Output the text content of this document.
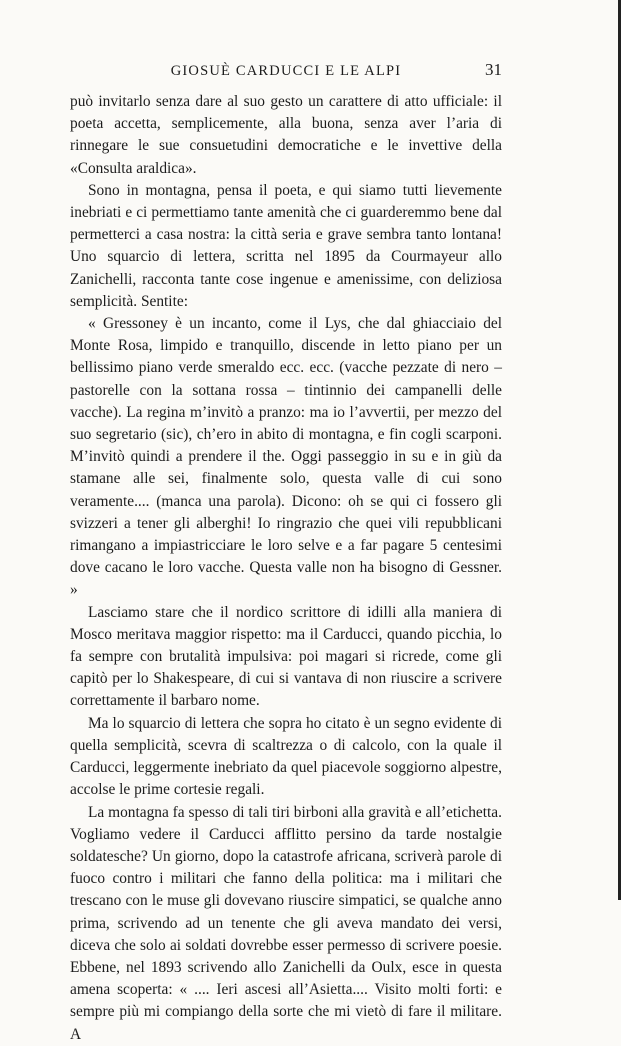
GIOSUÈ CARDUCCI E LE ALPI	31

può invitarlo senza dare al suo gesto un carattere di atto ufficiale: il poeta accetta, semplicemente, alla buona, senza aver l’aria di rinnegare le sue consuetudini democratiche e le invettive della «Consulta araldica».

Sono in montagna, pensa il poeta, e qui siamo tutti lievemente inebriati e ci permettiamo tante amenità che ci guarderemmo bene dal permetterci a casa nostra: la città seria e grave sembra tanto lontana! Uno squarcio di lettera, scritta nel 1895 da Courmayeur allo Zanichelli, racconta tante cose ingenue e amenissime, con deliziosa semplicità. Sentite:

« Gressoney è un incanto, come il Lys, che dal ghiacciaio del Monte Rosa, limpido e tranquillo, discende in letto piano per un bellissimo piano verde smeraldo ecc. ecc. (vacche pezzate di nero – pastorelle con la sottana rossa – tintinnio dei campanelli delle vacche). La regina m’invitò a pranzo: ma io l’avvertii, per mezzo del suo segretario (sic), ch’ero in abito di montagna, e fin cogli scarponi. M’invitò quindi a prendere il the. Oggi passeggio in su e in giù da stamane alle sei, finalmente solo, questa valle di cui sono veramente.... (manca una parola). Dicono: oh se qui ci fossero gli svizzeri a tener gli alberghi! Io ringrazio che quei vili repubblicani rimangano a impiastricciare le loro selve e a far pagare 5 centesimi dove cacano le loro vacche. Questa valle non ha bisogno di Gessner. »

Lasciamo stare che il nordico scrittore di idilli alla maniera di Mosco meritava maggior rispetto: ma il Carducci, quando picchia, lo fa sempre con brutalità impulsiva: poi magari si ricrede, come gli capitò per lo Shakespeare, di cui si vantava di non riuscire a scrivere correttamente il barbaro nome.

Ma lo squarcio di lettera che sopra ho citato è un segno evidente di quella semplicità, scevra di scaltrezza o di calcolo, con la quale il Carducci, leggermente inebriato da quel piacevole soggiorno alpestre, accolse le prime cortesie regali.

La montagna fa spesso di tali tiri birboni alla gravità e all’etichetta. Vogliamo vedere il Carducci afflitto persino da tarde nostalgie soldatesche? Un giorno, dopo la catastrofe africana, scriverà parole di fuoco contro i militari che fanno della politica: ma i militari che trescano con le muse gli dovevano riuscire simpatici, se qualche anno prima, scrivendo ad un tenente che gli aveva mandato dei versi, diceva che solo ai soldati dovrebbe esser permesso di scrivere poesie. Ebbene, nel 1893 scrivendo allo Zanichelli da Oulx, esce in questa amena scoperta: « .... Ieri ascesi all’Asietta.... Visito molti forti: e sempre più mi compiango della sorte che mi vietò di fare il militare. A
